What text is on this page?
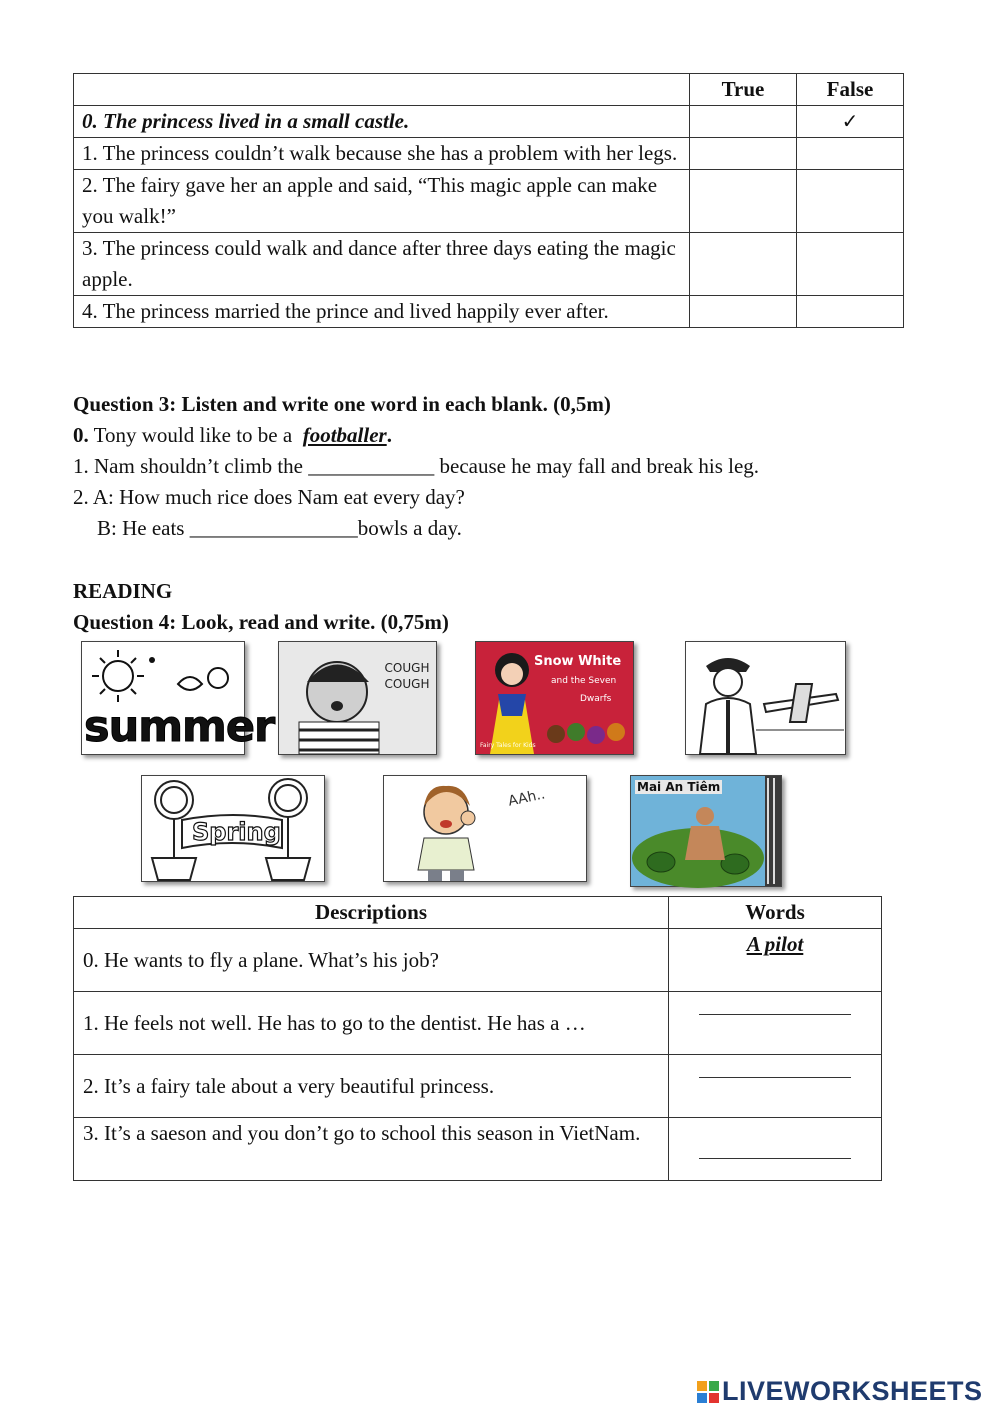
	True	False
0. The princess lived in a small castle.		✓
1. The princess couldn’t walk because she has a problem with her legs.		
2. The fairy gave her an apple and said, “This magic apple can make you walk!”		
3. The princess could walk and dance after three days eating the magic apple.		
4. The princess married the prince and lived happily ever after.		
Question 3: Listen and write one word in each blank. (0,5m)
0. Tony would like to be a  footballer.
1. Nam shouldn’t climb the ____________ because he may fall and break his leg.
2. A: How much rice does Nam eat every day?
B: He eats ________________bowls a day.
READING
Question 4: Look, read and write. (0,75m)
summer
COUGH COUGH
Snow White
and the Seven
Dwarfs
Fairy Tales for Kids
Spring
AAh..	Mai An Tiêm
Descriptions	Words
0. He wants to fly a plane. What’s his job?	A pilot
1. He feels not well. He has to go to the dentist. He has a …	
2. It’s a fairy tale about a very beautiful princess.	
3. It’s a saeson and you don’t go to school this season in VietNam.	
LIVEWORKSHEETS
